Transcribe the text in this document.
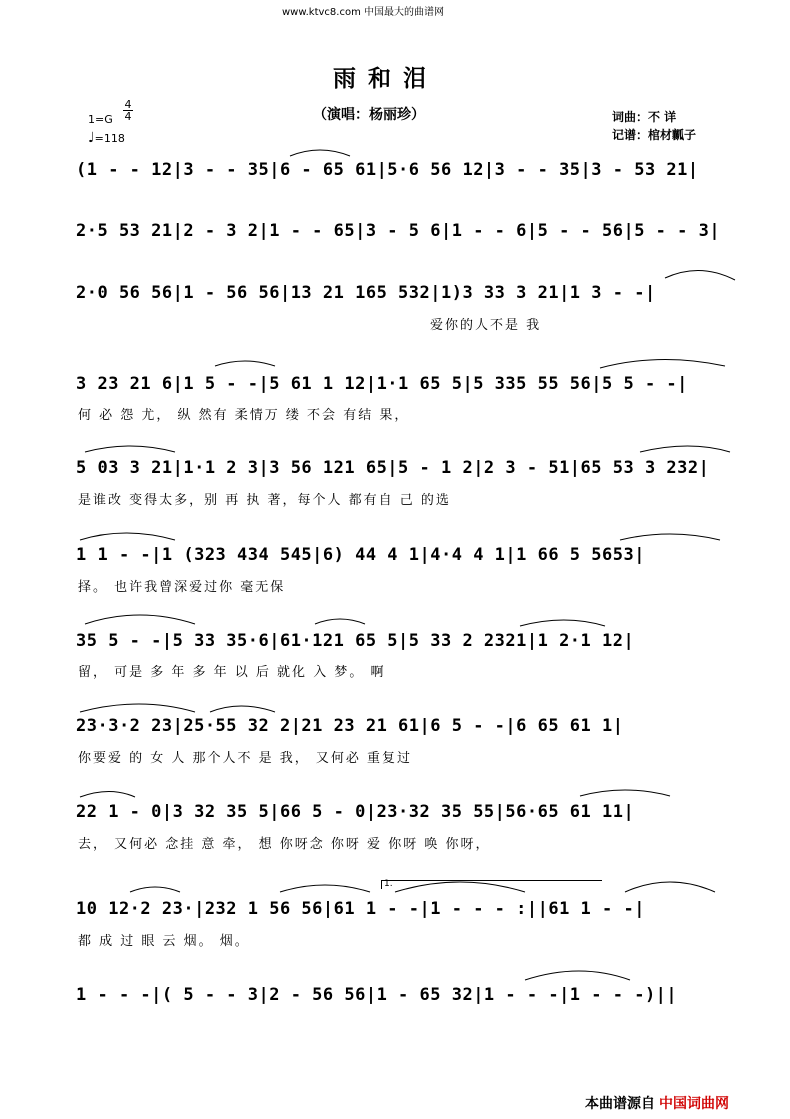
www.ktvc8.com 中国最大的曲谱网
雨和泪
（演唱：杨丽珍）	词曲：不 详
记谱：棺材瓤子
1=G
4
4
♩=118
(1 - - 12|3 - - 35|6 - 65 61|5·6 56 12|3 - - 35|3 - 53 21|
2·5 53 21|2 - 3 2|1 - - 65|3 - 5 6|1 - - 6|5 - - 56|5 - - 3|
2·0 56 56|1 - 56 56|13 21 165 532|1)3 33 3 21|1 3 - -|
爱你的人不是 我
3 23 21 6|1 5 - -|5 61 1 12|1·1 65 5|5 335 55 56|5 5 - -|
何 必 怨 尤， 纵 然有 柔情万 缕 不会 有结 果，
5 03 3 21|1·1 2 3|3 56 121 65|5 - 1 2|2 3 - 51|65 53 3 232|
是谁改 变得太多，别 再 执 著，每个人 都有自 己 的选
1 1 - -|1 (323 434 545|6) 44 4 1|4·4 4 1|1 66 5 5653|
择。 也许我曾深爱过你 毫无保
35 5 - -|5 33 35·6|61·121 65 5|5 33 2 2321|1 2·1 12|
留， 可是 多 年 多 年 以 后 就化 入 梦。 啊
23·3·2 23|25·55 32 2|21 23 21 61|6 5 - -|6 65 61 1|
你要爱 的 女 人 那个人不 是 我， 又何必 重复过
22 1 - 0|3 32 35 5|66 5 - 0|23·32 35 55|56·65 61 11|
去， 又何必 念挂 意 牵， 想 你呀念 你呀 爱 你呀 唤 你呀，
1.
10 12·2 23·|232 1 56 56|61 1 - -|1 - - - :||61 1 - -|
都 成 过 眼 云 烟。 烟。
1 - - -|( 5 - - 3|2 - 56 56|1 - 65 32|1 - - -|1 - - -)||
本曲谱源自 中国词曲网
